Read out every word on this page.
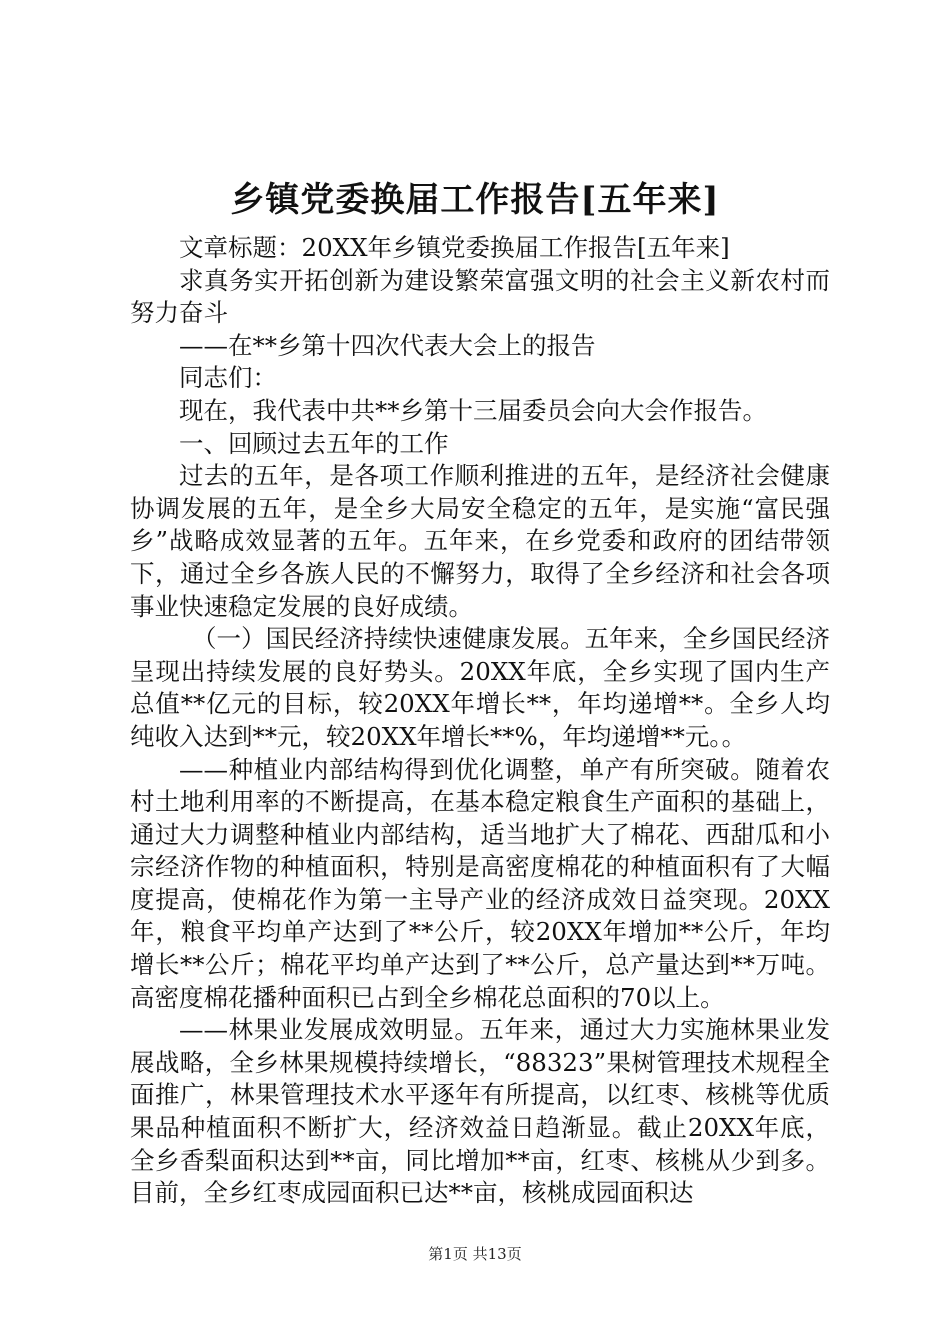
乡镇党委换届工作报告[五年来]

文章标题：20XX年乡镇党委换届工作报告[五年来]

求真务实开拓创新为建设繁荣富强文明的社会主义新农村而努力奋斗

——在**乡第十四次代表大会上的报告

同志们：

现在，我代表中共**乡第十三届委员会向大会作报告。

一、回顾过去五年的工作

过去的五年，是各项工作顺利推进的五年，是经济社会健康协调发展的五年，是全乡大局安全稳定的五年，是实施“富民强乡”战略成效显著的五年。五年来，在乡党委和政府的团结带领下，通过全乡各族人民的不懈努力，取得了全乡经济和社会各项事业快速稳定发展的良好成绩。

（一）国民经济持续快速健康发展。五年来，全乡国民经济呈现出持续发展的良好势头。20XX年底，全乡实现了国内生产总值**亿元的目标，较20XX年增长**，年均递增**。全乡人均纯收入达到**元，较20XX年增长**%，年均递增**元。。

——种植业内部结构得到优化调整，单产有所突破。随着农村土地利用率的不断提高，在基本稳定粮食生产面积的基础上，通过大力调整种植业内部结构，适当地扩大了棉花、西甜瓜和小宗经济作物的种植面积，特别是高密度棉花的种植面积有了大幅度提高，使棉花作为第一主导产业的经济成效日益突现。20XX年，粮食平均单产达到了**公斤，较20XX年增加**公斤，年均增长**公斤；棉花平均单产达到了**公斤，总产量达到**万吨。高密度棉花播种面积已占到全乡棉花总面积的70以上。

——林果业发展成效明显。五年来，通过大力实施林果业发展战略，全乡林果规模持续增长，“88323”果树管理技术规程全面推广，林果管理技术水平逐年有所提高，以红枣、核桃等优质果品种植面积不断扩大，经济效益日趋渐显。截止20XX年底，全乡香梨面积达到**亩，同比增加**亩，红枣、核桃从少到多。目前，全乡红枣成园面积已达**亩，核桃成园面积达

第1页 共13页
